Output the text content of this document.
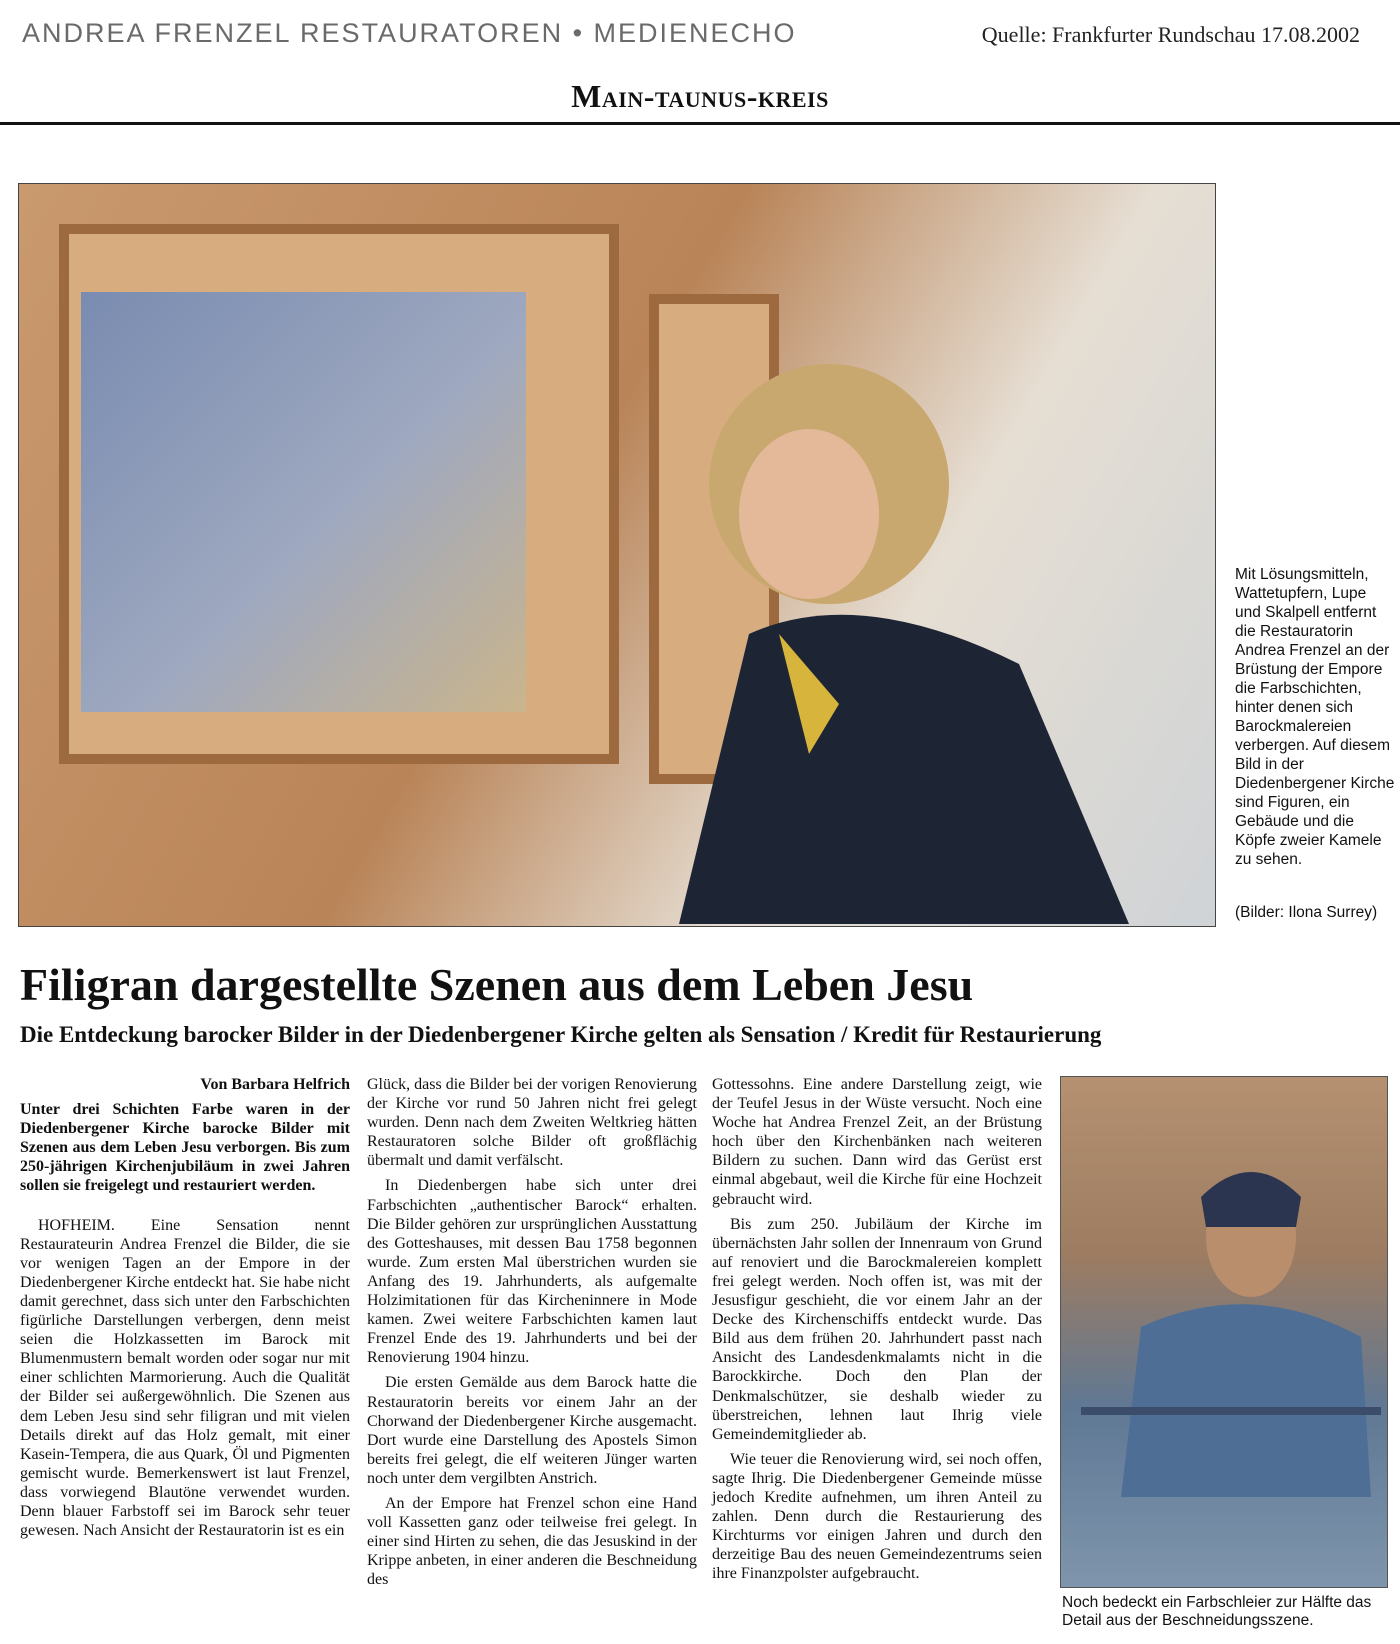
ANDREA FRENZEL RESTAURATOREN • MEDIENECHO	Quelle: Frankfurter Rundschau 17.08.2002
Main-taunus-kreis
Mit Lösungsmitteln, Wattetupfern, Lupe und Skalpell entfernt die Restauratorin Andrea Frenzel an der Brüstung der Empore die Farbschichten, hinter denen sich Barockmalereien verbergen. Auf diesem Bild in der Diedenbergener Kirche sind Figuren, ein Gebäude und die Köpfe zweier Kamele zu sehen.
(Bilder: Ilona Surrey)
Filigran dargestellte Szenen aus dem Leben Jesu
Die Entdeckung barocker Bilder in der Diedenbergener Kirche gelten als Sensation / Kredit für Restaurierung

Von Barbara Helfrich

Unter drei Schichten Farbe waren in der Diedenbergener Kirche barocke Bilder mit Szenen aus dem Leben Jesu verborgen. Bis zum 250-jährigen Kirchenjubiläum in zwei Jahren sollen sie freigelegt und restauriert werden.

HOFHEIM. Eine Sensation nennt Restaurateurin Andrea Frenzel die Bilder, die sie vor wenigen Tagen an der Empore in der Diedenbergener Kirche entdeckt hat. Sie habe nicht damit gerechnet, dass sich unter den Farbschichten figürliche Darstellungen verbergen, denn meist seien die Holzkassetten im Barock mit Blumenmustern bemalt worden oder sogar nur mit einer schlichten Marmorierung. Auch die Qualität der Bilder sei außergewöhnlich. Die Szenen aus dem Leben Jesu sind sehr filigran und mit vielen Details direkt auf das Holz gemalt, mit einer Kasein-Tempera, die aus Quark, Öl und Pigmenten gemischt wurde. Bemerkenswert ist laut Frenzel, dass vorwiegend Blautöne verwendet wurden. Denn blauer Farbstoff sei im Barock sehr teuer gewesen. Nach Ansicht der Restauratorin ist es ein

Glück, dass die Bilder bei der vorigen Renovierung der Kirche vor rund 50 Jahren nicht frei gelegt wurden. Denn nach dem Zweiten Weltkrieg hätten Restauratoren solche Bilder oft großflächig übermalt und damit verfälscht.

In Diedenbergen habe sich unter drei Farbschichten „authentischer Barock“ erhalten. Die Bilder gehören zur ursprünglichen Ausstattung des Gotteshauses, mit dessen Bau 1758 begonnen wurde. Zum ersten Mal überstrichen wurden sie Anfang des 19. Jahrhunderts, als aufgemalte Holzimitationen für das Kircheninnere in Mode kamen. Zwei weitere Farbschichten kamen laut Frenzel Ende des 19. Jahrhunderts und bei der Renovierung 1904 hinzu.

Die ersten Gemälde aus dem Barock hatte die Restauratorin bereits vor einem Jahr an der Chorwand der Diedenbergener Kirche ausgemacht. Dort wurde eine Darstellung des Apostels Simon bereits frei gelegt, die elf weiteren Jünger warten noch unter dem vergilbten Anstrich.

An der Empore hat Frenzel schon eine Hand voll Kassetten ganz oder teilweise frei gelegt. In einer sind Hirten zu sehen, die das Jesuskind in der Krippe anbeten, in einer anderen die Beschneidung des

Gottessohns. Eine andere Darstellung zeigt, wie der Teufel Jesus in der Wüste versucht. Noch eine Woche hat Andrea Frenzel Zeit, an der Brüstung hoch über den Kirchenbänken nach weiteren Bildern zu suchen. Dann wird das Gerüst erst einmal abgebaut, weil die Kirche für eine Hochzeit gebraucht wird.

Bis zum 250. Jubiläum der Kirche im übernächsten Jahr sollen der Innenraum von Grund auf renoviert und die Barockmalereien komplett frei gelegt werden. Noch offen ist, was mit der Jesusfigur geschieht, die vor einem Jahr an der Decke des Kirchenschiffs entdeckt wurde. Das Bild aus dem frühen 20. Jahrhundert passt nach Ansicht des Landesdenkmalamts nicht in die Barockkirche. Doch den Plan der Denkmalschützer, sie deshalb wieder zu überstreichen, lehnen laut Ihrig viele Gemeindemitglieder ab.

Wie teuer die Renovierung wird, sei noch offen, sagte Ihrig. Die Diedenbergener Gemeinde müsse jedoch Kredite aufnehmen, um ihren Anteil zu zahlen. Denn durch die Restaurierung des Kirchturms vor einigen Jahren und durch den derzeitige Bau des neuen Gemeindezentrums seien ihre Finanzpolster aufgebraucht.

Noch bedeckt ein Farbschleier zur Hälfte das Detail aus der Beschneidungsszene.
